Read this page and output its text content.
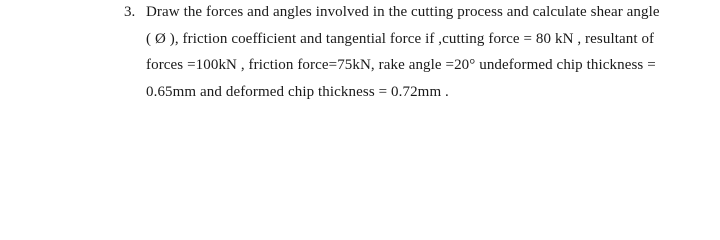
3. Draw the forces and angles involved in the cutting process and calculate shear angle
( Ø ), friction coefficient and tangential force if ,cutting force = 80 kN , resultant of
forces =100kN , friction force=75kN, rake angle =20° undeformed chip thickness =
0.65mm and deformed chip thickness = 0.72mm .
